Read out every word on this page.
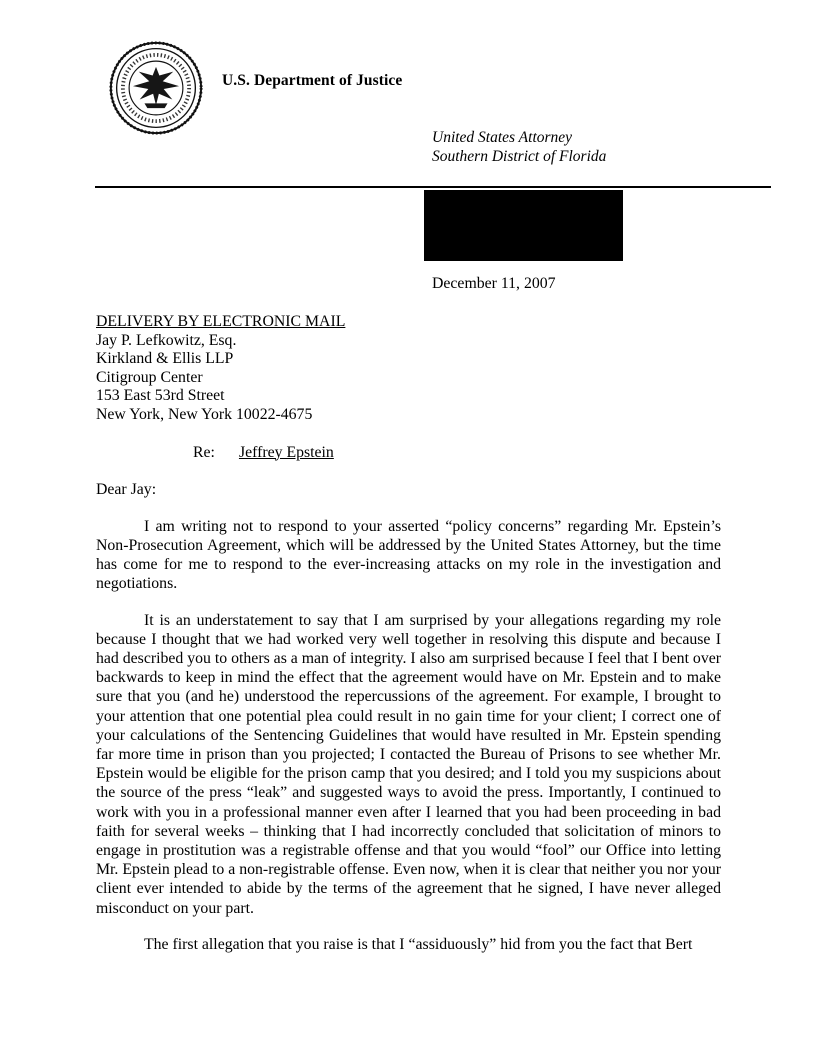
U.S. Department of Justice
United States Attorney
Southern District of Florida
December 11, 2007
DELIVERY BY ELECTRONIC MAIL
Jay P. Lefkowitz, Esq.
Kirkland & Ellis LLP
Citigroup Center
153 East 53rd Street
New York, New York 10022-4675
Re: Jeffrey Epstein
Dear Jay:

I am writing not to respond to your asserted “policy concerns” regarding Mr. Epstein’s Non-Prosecution Agreement, which will be addressed by the United States Attorney, but the time has come for me to respond to the ever-increasing attacks on my role in the investigation and negotiations.

It is an understatement to say that I am surprised by your allegations regarding my role because I thought that we had worked very well together in resolving this dispute and because I had described you to others as a man of integrity. I also am surprised because I feel that I bent over backwards to keep in mind the effect that the agreement would have on Mr. Epstein and to make sure that you (and he) understood the repercussions of the agreement. For example, I brought to your attention that one potential plea could result in no gain time for your client; I correct one of your calculations of the Sentencing Guidelines that would have resulted in Mr. Epstein spending far more time in prison than you projected; I contacted the Bureau of Prisons to see whether Mr. Epstein would be eligible for the prison camp that you desired; and I told you my suspicions about the source of the press “leak” and suggested ways to avoid the press. Importantly, I continued to work with you in a professional manner even after I learned that you had been proceeding in bad faith for several weeks – thinking that I had incorrectly concluded that solicitation of minors to engage in prostitution was a registrable offense and that you would “fool” our Office into letting Mr. Epstein plead to a non-registrable offense. Even now, when it is clear that neither you nor your client ever intended to abide by the terms of the agreement that he signed, I have never alleged misconduct on your part.

The first allegation that you raise is that I “assiduously” hid from you the fact that Bert
